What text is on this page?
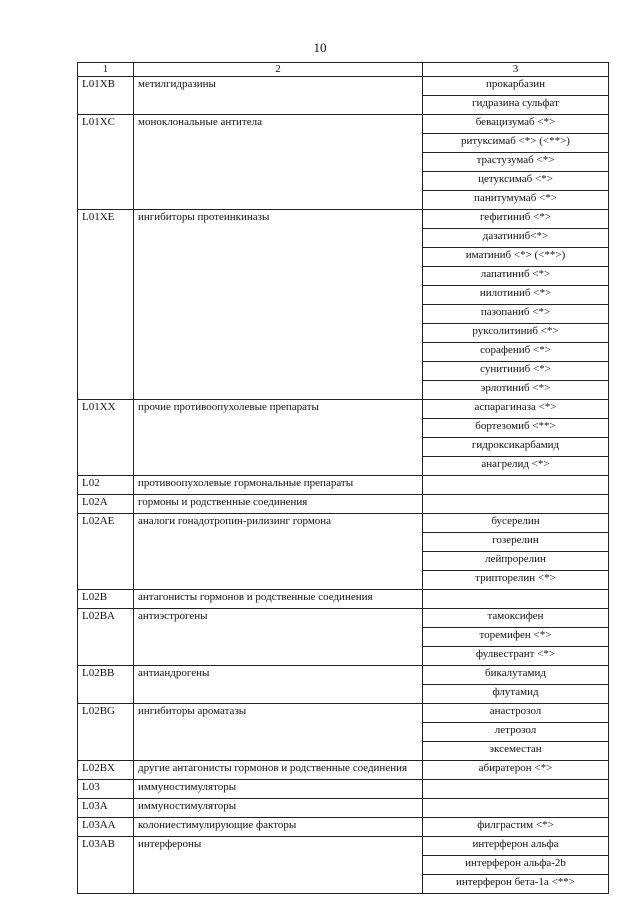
10
1	2	3
L01XB	метилгидразины	прокарбазин
		гидразина сульфат
L01XC	моноклональные антитела	бевацизумаб <*>
		ритуксимаб <*> (<**>)
		трастузумаб <*>
		цетуксимаб <*>
		панитумумаб <*>
L01XE	ингибиторы протеинкиназы	гефитиниб <*>
		дазатиниб<*>
		иматиниб <*> (<**>)
		лапатиниб <*>
		нилотиниб <*>
		пазопаниб <*>
		руксолитиниб <*>
		сорафениб <*>
		сунитиниб <*>
		эрлотиниб <*>
L01XX	прочие противоопухолевые препараты	аспарагиназа <*>
		бортезомиб <**>
		гидроксикарбамид
		анагрелид <*>
L02	противоопухолевые гормональные препараты	
L02A	гормоны и родственные соединения	
L02AE	аналоги гонадотропин-рилизинг гормона	бусерелин
		гозерелин
		лейпрорелин
		трипторелин <*>
L02B	антагонисты гормонов и родственные соединения	
L02BA	антиэстрогены	тамоксифен
		торемифен <*>
		фулвестрант <*>
L02BB	антиандрогены	бикалутамид
		флутамид
L02BG	ингибиторы ароматазы	анастрозол
		летрозол
		эксеместан
L02BX	другие антагонисты гормонов и родственные соединения	абиратерон <*>
L03	иммуностимуляторы	
L03A	иммуностимуляторы	
L03AA	колониестимулирующие факторы	филграстим <*>
L03AB	интерфероны	интерферон альфа
		интерферон альфа-2b
		интерферон бета-1a <**>
